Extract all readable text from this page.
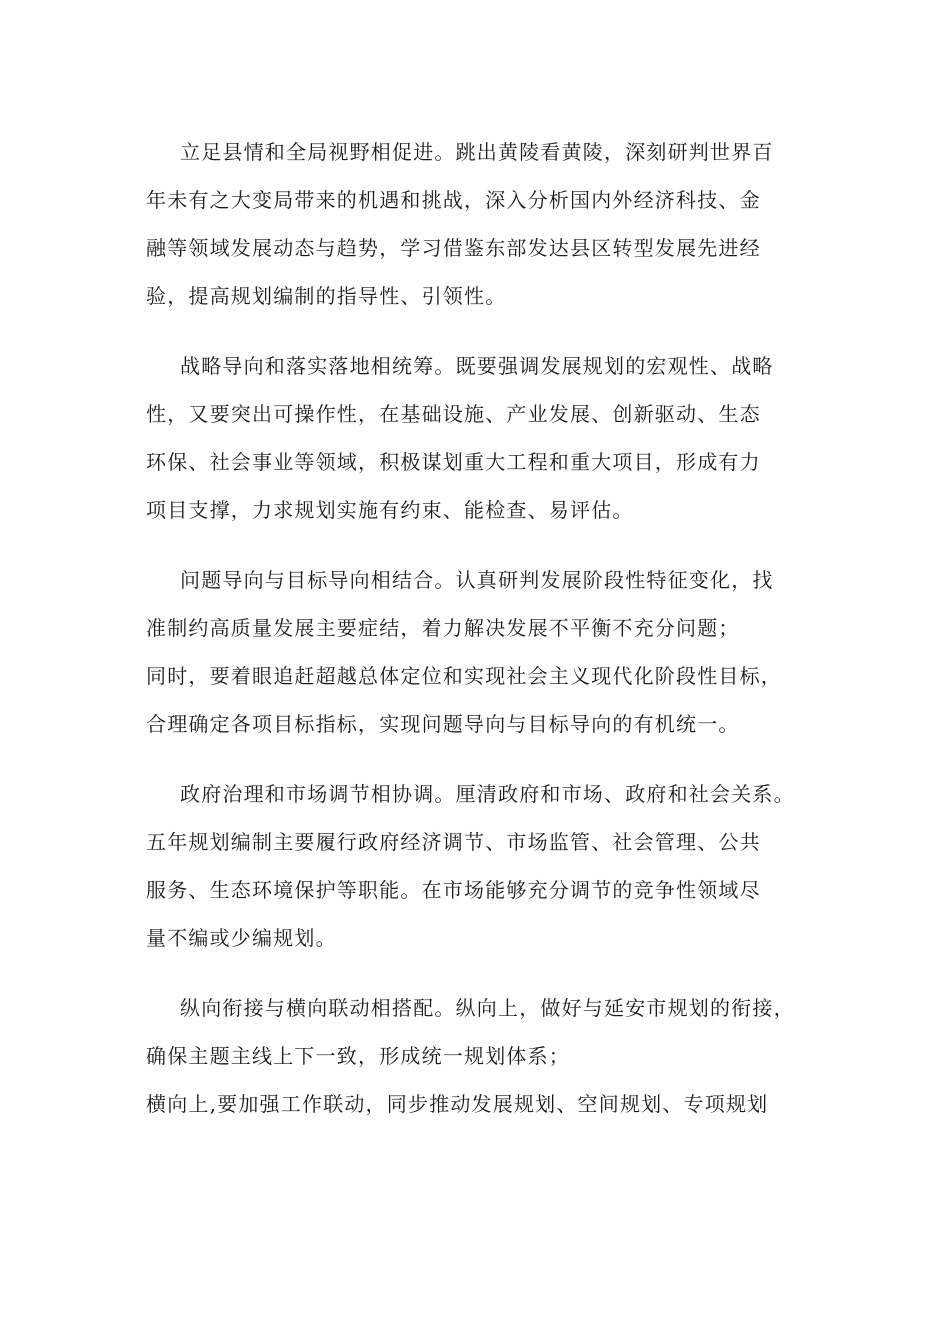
立足县情和全局视野相促进。跳出黄陵看黄陵，深刻研判世界百
年未有之大变局带来的机遇和挑战，深入分析国内外经济科技、金
融等领域发展动态与趋势，学习借鉴东部发达县区转型发展先进经
验，提高规划编制的指导性、引领性。
战略导向和落实落地相统筹。既要强调发展规划的宏观性、战略
性，又要突出可操作性，在基础设施、产业发展、创新驱动、生态
环保、社会事业等领域，积极谋划重大工程和重大项目，形成有力
项目支撑，力求规划实施有约束、能检查、易评估。
问题导向与目标导向相结合。认真研判发展阶段性特征变化，找
准制约高质量发展主要症结，着力解决发展不平衡不充分问题；
同时，要着眼追赶超越总体定位和实现社会主义现代化阶段性目标，
合理确定各项目标指标，实现问题导向与目标导向的有机统一。
政府治理和市场调节相协调。厘清政府和市场、政府和社会关系。
五年规划编制主要履行政府经济调节、市场监管、社会管理、公共
服务、生态环境保护等职能。在市场能够充分调节的竞争性领域尽
量不编或少编规划。
纵向衔接与横向联动相搭配。纵向上，做好与延安市规划的衔接，
确保主题主线上下一致，形成统一规划体系；
横向上,要加强工作联动，同步推动发展规划、空间规划、专项规划
